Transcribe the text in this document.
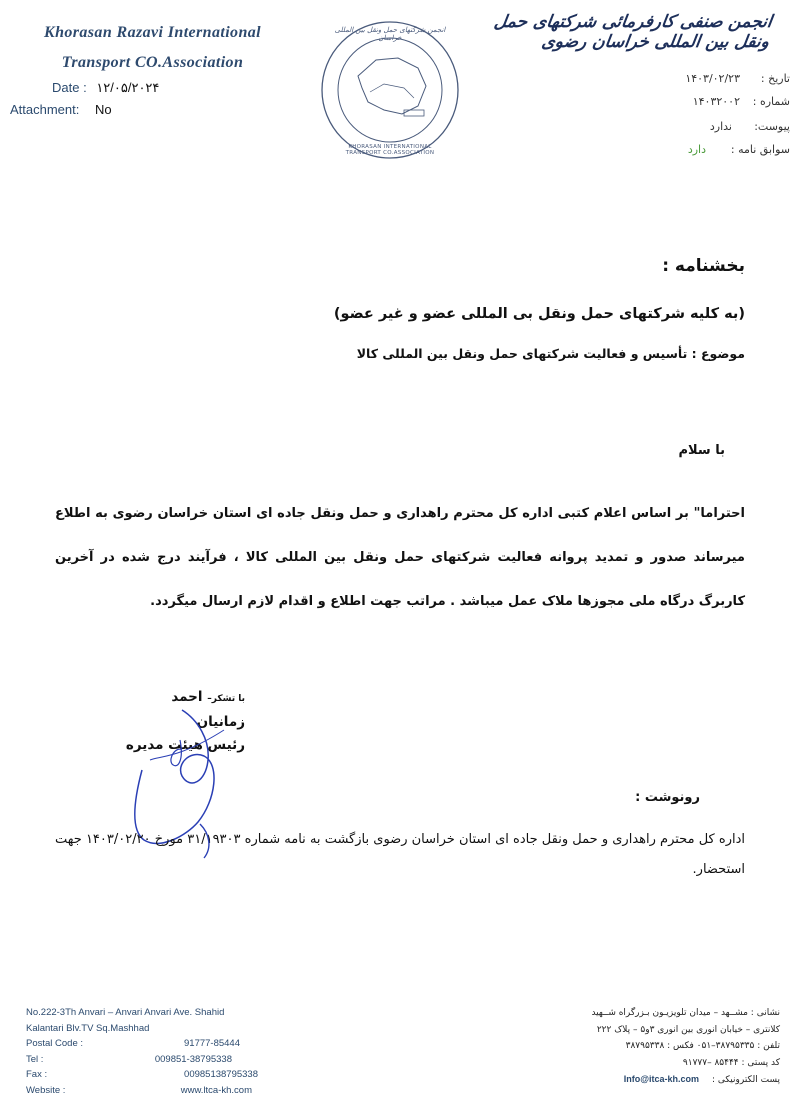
Khorasan Razavi International
Transport CO.Association
Date : ۱۲/۰۵/۲۰۲۴
Attachment: No
انجمن شرکتهای حمل ونقل بین المللی خراسان
KHORASAN INTERNATIONAL TRANSPORT CO.ASSOCIATION
انجمن صنفی کارفرمائی شرکتهای حمل ونقل بین المللی خراسان رضوی
تاریخ :
۱۴۰۳/۰۲/۲۳
شماره :
۱۴۰۳۲۰۰۲
پیوست:
ندارد
سوابق نامه :
دارد
بخشنامه :
(به کلیه شرکتهای حمل ونقل بی المللی عضو و غیر عضو)
موضوع : تأسیس و فعالیت شرکتهای حمل ونقل بین المللی کالا
با سلام
احتراما" بر اساس اعلام کتبی اداره کل محترم راهداری و حمل ونقل جاده ای استان خراسان رضوی به اطلاع میرساند صدور و تمدید پروانه فعالیت شرکتهای حمل ونقل بین المللی کالا ، فرآیند درج شده در آخرین کاربرگ درگاه ملی مجوزها ملاک عمل میباشد . مراتب جهت اطلاع و اقدام لازم ارسال میگردد.
با تشکر– احمد زمانیان
رئیس هیئت مدیره
رونوشت :
اداره کل محترم راهداری و حمل ونقل جاده ای استان خراسان رضوی بازگشت به نامه شماره ۳۱/۱۹۳۰۳ مورخ ۱۴۰۳/۰۲/۲۰ جهت استحضار.
No.222-3Th Anvari – Anvari Anvari Ave. Shahid
Kalantari Blv.TV Sq.Mashhad
Postal Code :	91777-85444
Tel :	009851-38795338
Fax :	00985138795338
Website :	www.ltca-kh.com
نشانی : مشــهد – میدان تلویزیـون بـزرگراه شــهید
کلانتری – خیابان انوری بین انوری ۳و۵ – پلاک ۲۲۲
تلفن : ۳۸۷۹۵۳۳۵–۰۵۱ فکس : ۳۸۷۹۵۳۳۸
کد پستی : ۸۵۴۴۴ –۹۱۷۷۷
پست الکترونیکی : Info@itca-kh.com
